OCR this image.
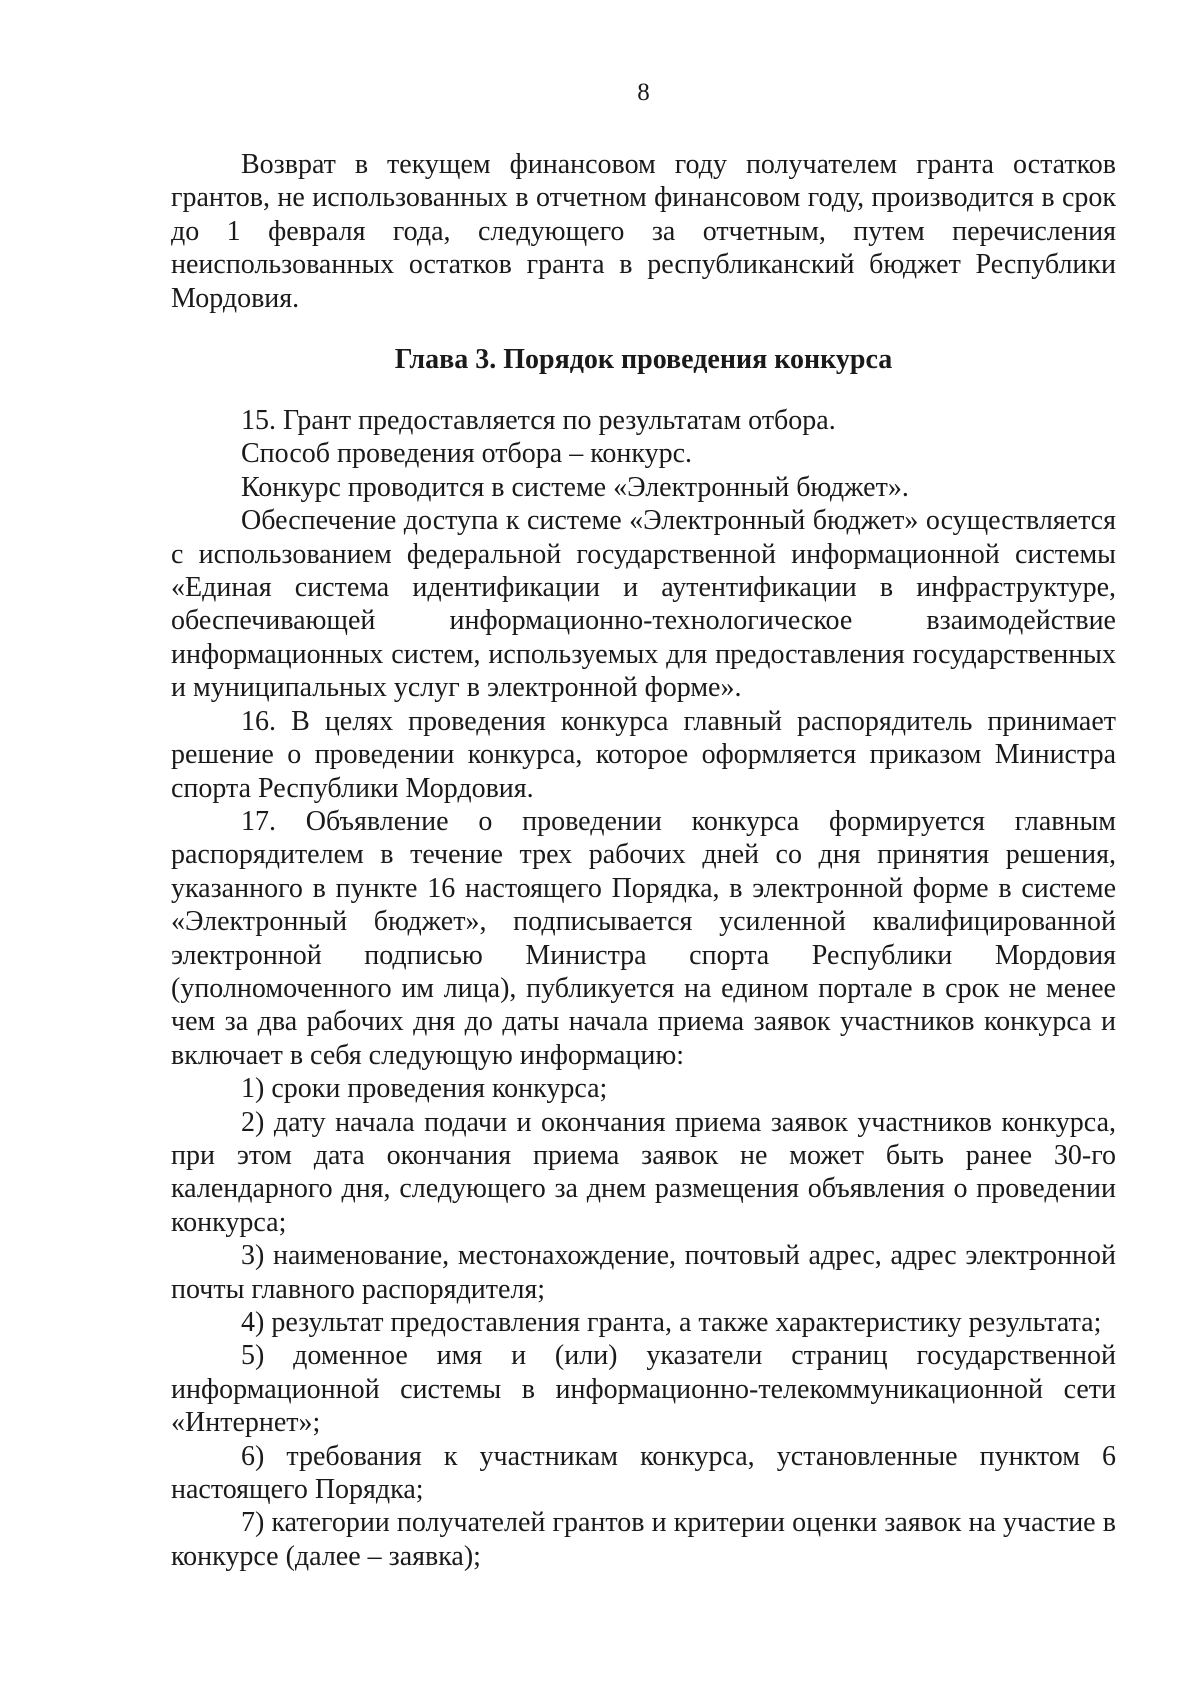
8

Возврат в текущем финансовом году получателем гранта остатков грантов, не использованных в отчетном финансовом году, производится в срок до 1 февраля года, следующего за отчетным, путем перечисления неиспользованных остатков гранта в республиканский бюджет Республики Мордовия.

Глава 3. Порядок проведения конкурса

15. Грант предоставляется по результатам отбора.

Способ проведения отбора – конкурс.

Конкурс проводится в системе «Электронный бюджет».

Обеспечение доступа к системе «Электронный бюджет» осуществляется с использованием федеральной государственной информационной системы «Единая система идентификации и аутентификации в инфраструктуре, обеспечивающей информационно-технологическое взаимодействие информационных систем, используемых для предоставления государственных и муниципальных услуг в электронной форме».

16. В целях проведения конкурса главный распорядитель принимает решение о проведении конкурса, которое оформляется приказом Министра спорта Республики Мордовия.

17. Объявление о проведении конкурса формируется главным распорядителем в течение трех рабочих дней со дня принятия решения, указанного в пункте 16 настоящего Порядка, в электронной форме в системе «Электронный бюджет», подписывается усиленной квалифицированной электронной подписью Министра спорта Республики Мордовия (уполномоченного им лица), публикуется на едином портале в срок не менее чем за два рабочих дня до даты начала приема заявок участников конкурса и включает в себя следующую информацию:

1) сроки проведения конкурса;

2) дату начала подачи и окончания приема заявок участников конкурса, при этом дата окончания приема заявок не может быть ранее 30-го календарного дня, следующего за днем размещения объявления о проведении конкурса;

3) наименование, местонахождение, почтовый адрес, адрес электронной почты главного распорядителя;

4) результат предоставления гранта, а также характеристику результата;

5) доменное имя и (или) указатели страниц государственной информационной системы в информационно-телекоммуникационной сети «Интернет»;

6) требования к участникам конкурса, установленные пунктом 6 настоящего Порядка;

7) категории получателей грантов и критерии оценки заявок на участие в конкурсе (далее – заявка);
